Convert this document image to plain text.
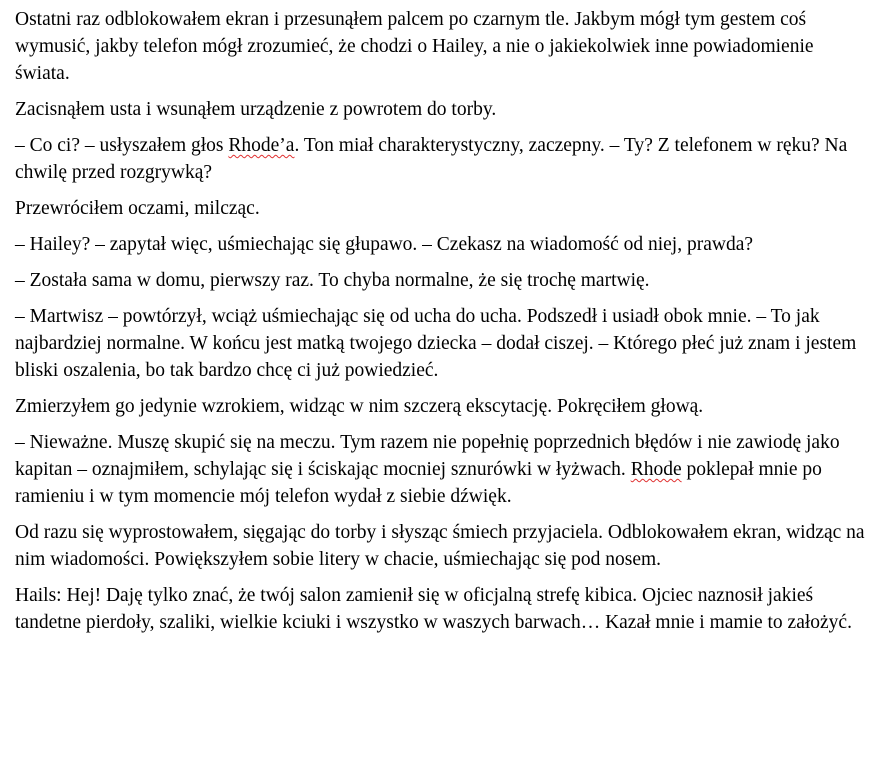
Ostatni raz odblokowałem ekran i przesunąłem palcem po czarnym tle. Jakbym mógł tym gestem coś wymusić, jakby telefon mógł zrozumieć, że chodzi o Hailey, a nie o jakiekolwiek inne powiadomienie świata.

Zacisnąłem usta i wsunąłem urządzenie z powrotem do torby.

– Co ci? – usłyszałem głos Rhode’a. Ton miał charakterystyczny, zaczepny. – Ty? Z telefonem w ręku? Na chwilę przed rozgrywką?

Przewróciłem oczami, milcząc.

– Hailey? – zapytał więc, uśmiechając się głupawo. – Czekasz na wiadomość od niej, prawda?

– Została sama w domu, pierwszy raz. To chyba normalne, że się trochę martwię.

– Martwisz – powtórzył, wciąż uśmiechając się od ucha do ucha. Podszedł i usiadł obok mnie. – To jak najbardziej normalne. W końcu jest matką twojego dziecka – dodał ciszej. – Którego płeć już znam i jestem bliski oszalenia, bo tak bardzo chcę ci już powiedzieć.

Zmierzyłem go jedynie wzrokiem, widząc w nim szczerą ekscytację. Pokręciłem głową.

– Nieważne. Muszę skupić się na meczu. Tym razem nie popełnię poprzednich błędów i nie zawiodę jako kapitan – oznajmiłem, schylając się i ściskając mocniej sznurówki w łyżwach. Rhode poklepał mnie po ramieniu i w tym momencie mój telefon wydał z siebie dźwięk.

Od razu się wyprostowałem, sięgając do torby i słysząc śmiech przyjaciela. Odblokowałem ekran, widząc na nim wiadomości. Powiększyłem sobie litery w chacie, uśmiechając się pod nosem.

Hails: Hej! Daję tylko znać, że twój salon zamienił się w oficjalną strefę kibica. Ojciec naznosił jakieś tandetne pierdoły, szaliki, wielkie kciuki i wszystko w waszych barwach… Kazał mnie i mamie to założyć.
